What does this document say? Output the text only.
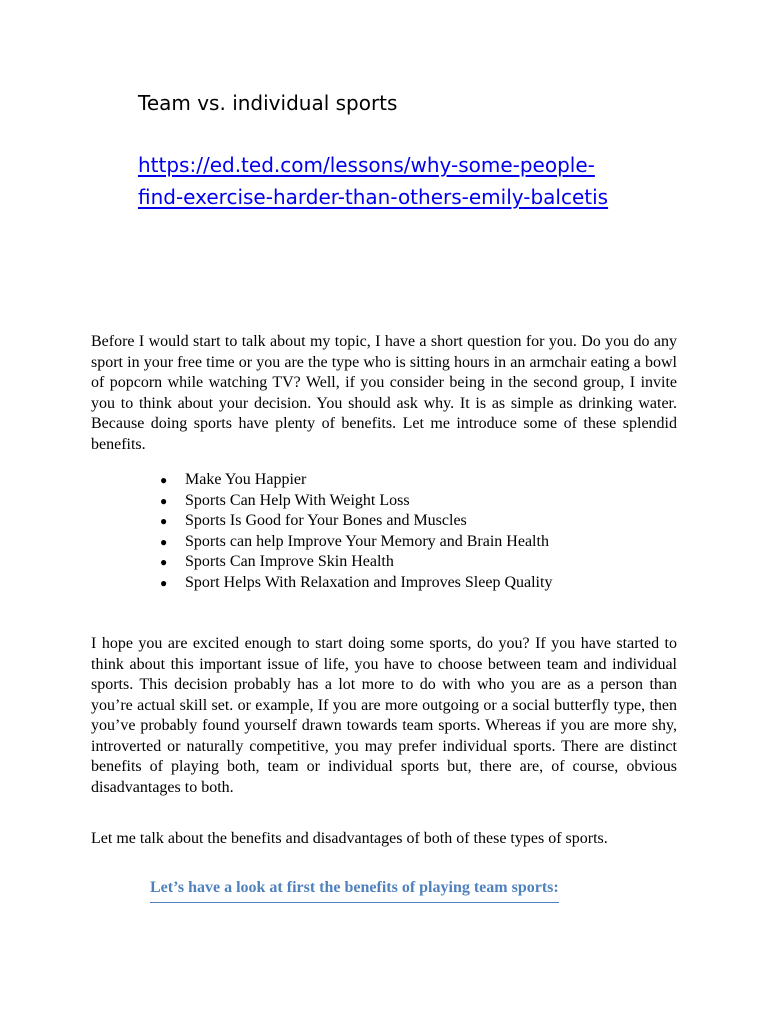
Team vs. individual sports
https://ed.ted.com/lessons/why-some-people-
find-exercise-harder-than-others-emily-balcetis

Before I would start to talk about my topic, I have a short question for you. Do you do any sport in your free time or you are the type who is sitting hours in an armchair eating a bowl of popcorn while watching TV? Well, if you consider being in the second group, I invite you to think about your decision. You should ask why. It is as simple as drinking water. Because doing sports have plenty of benefits. Let me introduce some of these splendid benefits.

● Make You Happier
● Sports Can Help With Weight Loss
● Sports Is Good for Your Bones and Muscles
● Sports can help Improve Your Memory and Brain Health
● Sports Can Improve Skin Health
● Sport Helps With Relaxation and Improves Sleep Quality

I hope you are excited enough to start doing some sports, do you? If you have started to think about this important issue of life, you have to choose between team and individual sports. This decision probably has a lot more to do with who you are as a person than you’re actual skill set. or example, If you are more outgoing or a social butterfly type, then you’ve probably found yourself drawn towards team sports. Whereas if you are more shy, introverted or naturally competitive, you may prefer individual sports. There are distinct benefits of playing both, team or individual sports but, there are, of course, obvious disadvantages to both.

Let me talk about the benefits and disadvantages of both of these types of sports.

Let’s have a look at first the benefits of playing team sports:
